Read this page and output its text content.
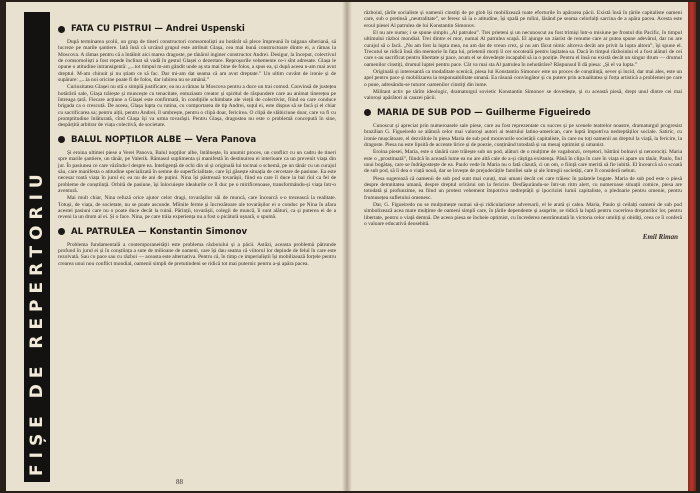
FIȘE DE REPERTORIU
FATA CU PISTRUI — Andrei Uspenski

După terminarea școlii, un grup de tineri constructori comsomoliști au hotărât să plece împreună în taigaua siberiană, să lucreze pe marile șantiere. Iată însă că urcând grupul este atribuit Glașa, cea mai bună constructoare dintre ei, a rămas la Moscova. A rămas pentru că a întâlnit aici marea dragoste, pe tânărul inginer constructor Andrei. Desigur, la început, colectivul de comsomoliști a fost repede înclinat să vadă în gestul Glașei o dezertare. Reproșurile vehemente ce-i sînt adresate. Glașa le opune o atitudine intransigentă: „...tot timpul m-am gândit unde aș sta mai bine de folos, a spus ea, și după aceea n-am mai avut dreptul. M-am chinuit și nu știam ce să fac. Dar mi-am dat seama că am avut dreptate.” Un ultim cuvânt de ironie și de supărare: „...la noi oricine poate fi de folos, dar iubirea nu se amână.”

Curiozitatea Glașei nu stă o simplă justificare; ea nu a rămas la Moscova pentru a duce un trai comod. Convinsă de justețea hotărârii sale, Glașa trăiește și muncește cu tenacitate, entuziasm creator și spiritul de răspundere care au animat tinerețea pe întreaga țară. Fiecare acțiune a Glașei este confirmată, în condițiile schimbate ale vieții de colectivist, fiind ea care conduce brigada ca o crescută. De aceea, Glașa lupta cu rutina, cu comportarea de tip Andrei, suțul ei, este dispus să se facă și el chiar cu sacrificarea sa; pentru alții, pentru Andrei, îl umbrește, pentru o clipă doar, fericirea. O clipă de slăbiciune doar, care va fi cu promptitudine înlăturată, cînd Glașa își va urma tovarășii. Pentru Glașa, dragostea nu este o problemă concepută în sine, despărțită arbitrar de viața colectivă, de societate.

BALUL NOPȚILOR ALBE — Vera Panova

Și eroina ultimei piese a Verei Panova, Balul nopților albe, întâlnește, în anumit proces, un conflict cu un cadru de tineri spre marile șantiere, un tânăr, pe Valerik. Rămasul suplimenta și manifestă în destinuirea ei interioare ca un prevenit viața din jur. În pasiunea ce care văzîndu-l despre ea. Inteligență de ochi din ul și originală lui tocmai o schemă, pe un tânăr cu un curajul său, care manifesta o atitudine specializată în semne de superficialitate, care își găsește situația de cercetare de pasiune. Ea este necesar toată viața în jurul ei; ea nu de ani de puțini. Nina își păstrează tovarășii, fiind ea care îi duce la bal rîul ca fel de probleme de conștiință. Orbită de pasiune, își înlocuiește idealurile ce îl duc pe o mirificenoase, transformându-și viața într-o aventură.

Mai mult chiar, Nina refuză orice ajutor celor dragi, tovarășilor săi de muncă, care încearcă s-o trezească la realitate. Totuși, de viața, de societate, nu se poate ascunde. Mîinile ferme și încrezătoare ale tovarășilor ei o conduc pe Nina în afara acestei pasiuni care nu o poate duce decât la ruină. Părinții, tovarășii, colegii de muncă, îi sunt alături, ca și puterea ei de a reveni la un drum al ei. Și o face. Nina, pe care trăia experiența nu a fost o picătură ușoară, o spumă.

AL PATRULEA — Konstantin Simonov

Problema fundamentală a contemporaneității este problema războiului și a păcii. Astăzi, aceasta problemă pătrunde profund în jurul ei și în conștiința a sute de milioane de oameni, care își dau seama că viitorul lor depinde de felul în care este rezolvată. Sau cu pace sau cu război — aceasta este alternativa. Pentru că, în timp ce imperialiștii își mobilizează forțele pentru crearea unui nou conflict mondial, oamenii simpli de pretutindeni se ridică tot mai puternic pentru a-și apăra pacea.

88

războiul, țările socialiste și oamenii cinstiți de pe glob își mobilizează toate eforturile în apărarea păcii. Există însă în țările capitaliste oameni care, sub o pretinsă „neutralitate”, se feresc să ia o atitudine, își spală pe mîini, lăsând pe seama celorlalți sarcina de a apăra pacea. Acesta este eroul piesei Al patrulea de lui Konstantin Simonov.

El nu are nume; i se spune simplu „Al patrulea”. Trei prieteni și un necunoscut au fost trimiși într-o misiune pe frontul din Pacific, în timpul ultimului război mondial. Trei dintre ei mor, numai Al patrulea scapă. El ajunge un ziarist de renume care ar putea spune adevărul, dar nu are curajul să o facă. „Nu am fost la lupta mea, nu am dat de vreun crez, și nu am făcut nimic altceva decât am privit la lupta altora”, își spune el. Trecutul se ridică însă din memorie în fața lui, prietenii morți îi cer socoteală pentru laşitatea sa. Dacă în timpul războiului el a fost alături de cei care s-au sacrificat pentru libertate și pace, acum el se dovedește incapabil să ia o poziție. Pentru el însă nu există decât un singur drum — drumul oamenilor cinstiți, drumul luptei pentru pace. Cât va mai sta Al patrulea în nehotărâre? Răspunsul îl dă piesa: „Și el va lupta.”

Originală și interesantă ca modalitate scenică, piesa lui Konstantin Simonov este un proces de conștiință, sever și lucid, dar mai ales, este un apel pentru pace și mobilizarea la responsabilitate umană. Ea răsună convingător și cu putere prin actualitatea și forța artistică a problemei pe care o pune, adresându-se tuturor oamenilor cinstiți din lume.

Militant activ pe tărîm ideologic, dramaturgul sovietic Konstantin Simonov se dovedește, și cu această piesă, drept unul dintre cei mai valoroși apărători ai cauzei păcii.

MARIA DE SUB POD — Guilherme Figueiredo

Cunoscut și apreciat prin numeroasele sale piese, care au fost reprezentate cu succes și pe scenele teatrelor noastre, dramaturgul progresist brazilian G. Figueiredo se alătură celor mai valoroși autori ai teatrului latino-american, care luptă împotriva nedreptăților sociale. Satiric, cu ironie mușcătoare, el dezvăluie în piesa Maria de sub pod moravurile societății capitaliste, în care nu toți oamenii au dreptul la viață, la fericire, la dragoste. Piesa nu este lipsită de accente lirice și de poezie, conținând totodată și un mesaj optimist și umanist.

Eroina piesei, Maria, este o tânără care trăiește sub un pod, alături de o mulțime de vagabonzi, cerșetori, bătrâni bolnavi și nenorociți. Maria este o „prostituată”, fiindcă în această lume ea nu are altă cale de a-și câștiga existența. Până în clipa în care în viața ei apare un tânăr, Paulo, fiul unui bogătaș, care se îndrăgostește de ea. Paulo vede în Maria nu o fată căzută, ci un om, o ființă care merită să fie iubită. El încearcă să o scoată de sub pod, să îi dea o viață nouă, dar se lovește de prejudecățile familiei sale și ale întregii societăți, care îl consideră nebun.

Piesa sugerează că oamenii de sub pod sunt mai curați, mai umani decât cei care trăiesc în palatele bogate. Maria de sub pod este o piesă despre demnitatea umană, despre dreptul oricărui om la fericire. Desfășurându-se într-un ritm alert, cu numeroase situații comice, piesa are totodată și profunzime, ea fiind un protest vehement împotriva nedreptății și ipocriziei lumii capitaliste, o pledoarie pentru omenie, pentru frumusețea sufletului omenesc.

Dar, G. Figueiredo nu se mulțumește numai să-și ridicularizeze adversarii, el le arată și calea. Maria, Paulo și ceilalți oameni de sub pod simbolizează acea mare mulțime de oameni simpli care, în țările dependente și asuprite, se ridică la luptă pentru cucerirea drepturilor lor, pentru libertate, pentru o viață demnă. De aceea piesa se încheie optimist, cu încrederea nestrămutată în victoria celor umiliți și obidiți, ceea ce îi conferă o valoare educativă deosebită.

Emil Riman
